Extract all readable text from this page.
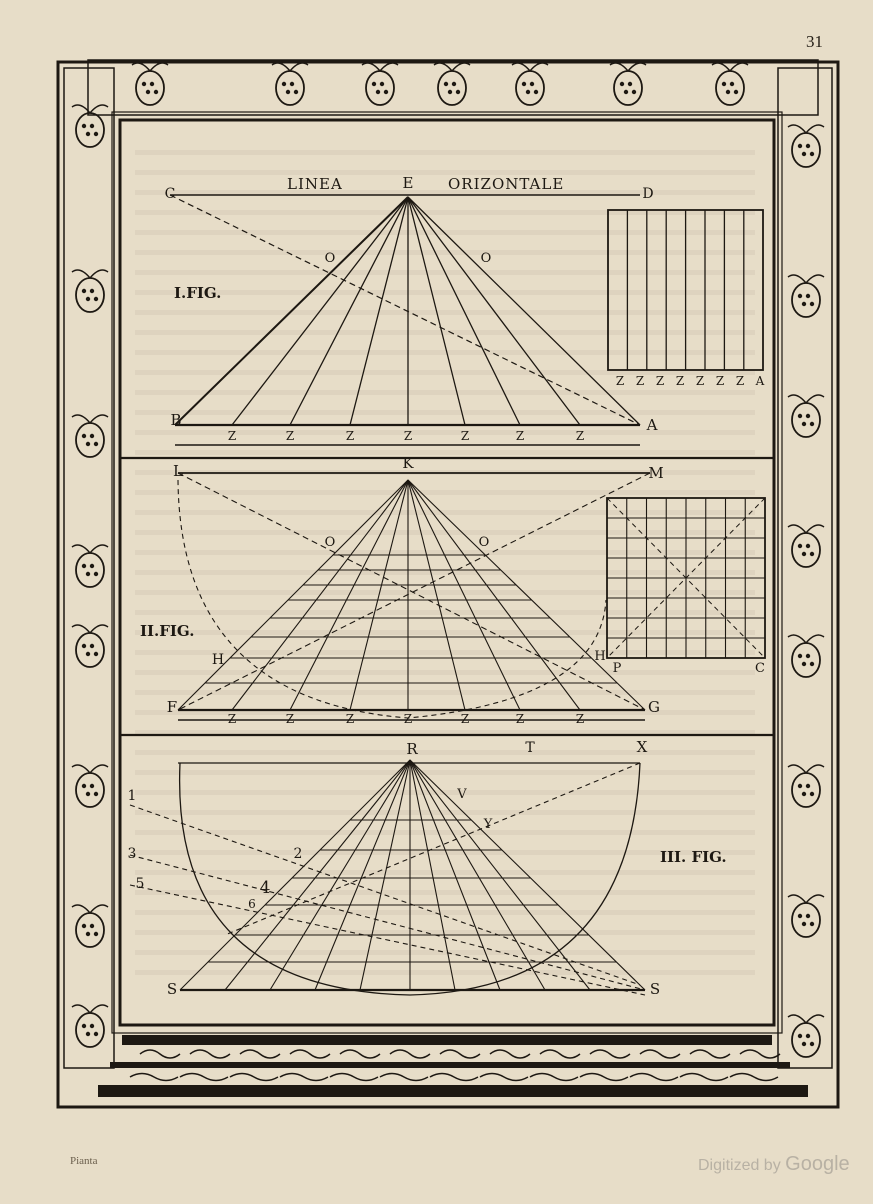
C
E
D
B	A
O	O
Z	Z	Z	Z	Z	Z	Z
Z Z Z Z Z Z Z A
L	K
M
F	G
H
O	O
Z	Z	Z	Z	Z	Z	Z
H
P	C
R	T	X
V
Y
S	S
1
2
3
4
5
6
31
Pianta	Digitized by Google
LINEA	ORIZONTALE
I.FIG.
II.FIG.
III. FIG.
